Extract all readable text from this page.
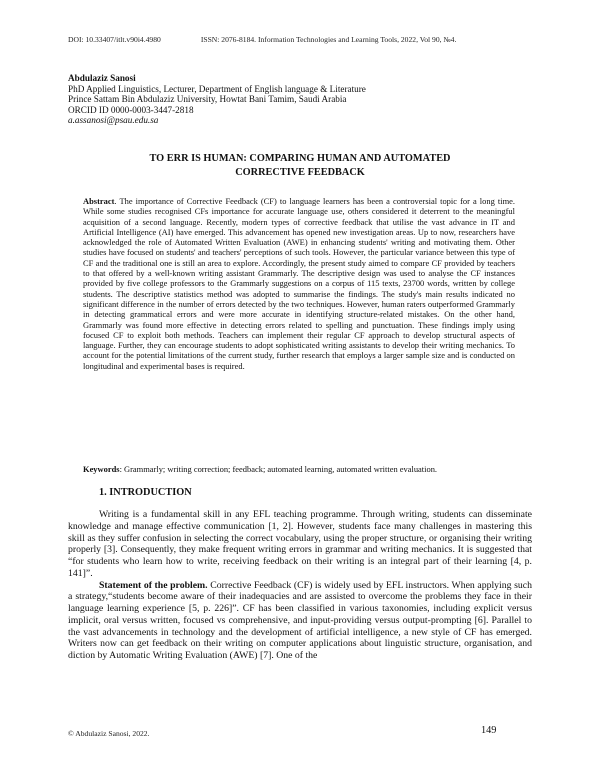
DOI: 10.33407/itlt.v90i4.4980	ISSN: 2076-8184. Information Technologies and Learning Tools, 2022, Vol 90, №4.
Abdulaziz Sanosi
PhD Applied Linguistics, Lecturer, Department of English language & Literature
Prince Sattam Bin Abdulaziz University, Howtat Bani Tamim, Saudi Arabia
ORCID ID 0000-0003-3447-2818
a.assanosi@psau.edu.sa
TO ERR IS HUMAN: COMPARING HUMAN AND AUTOMATED
CORRECTIVE FEEDBACK

Abstract. The importance of Corrective Feedback (CF) to language learners has been a controversial topic for a long time. While some studies recognised CFs importance for accurate language use, others considered it deterrent to the meaningful acquisition of a second language. Recently, modern types of corrective feedback that utilise the vast advance in IT and Artificial Intelligence (AI) have emerged. This advancement has opened new investigation areas. Up to now, researchers have acknowledged the role of Automated Written Evaluation (AWE) in enhancing students' writing and motivating them. Other studies have focused on students' and teachers' perceptions of such tools. However, the particular variance between this type of CF and the traditional one is still an area to explore. Accordingly, the present study aimed to compare CF provided by teachers to that offered by a well-known writing assistant Grammarly. The descriptive design was used to analyse the CF instances provided by five college professors to the Grammarly suggestions on a corpus of 115 texts, 23700 words, written by college students. The descriptive statistics method was adopted to summarise the findings. The study's main results indicated no significant difference in the number of errors detected by the two techniques. However, human raters outperformed Grammarly in detecting grammatical errors and were more accurate in identifying structure-related mistakes. On the other hand, Grammarly was found more effective in detecting errors related to spelling and punctuation. These findings imply using focused CF to exploit both methods. Teachers can implement their regular CF approach to develop structural aspects of language. Further, they can encourage students to adopt sophisticated writing assistants to develop their writing mechanics. To account for the potential limitations of the current study, further research that employs a larger sample size and is conducted on longitudinal and experimental bases is required.

Keywords: Grammarly; writing correction; feedback; automated learning, automated written evaluation.

1. INTRODUCTION

Writing is a fundamental skill in any EFL teaching programme. Through writing, students can disseminate knowledge and manage effective communication [1, 2]. However, students face many challenges in mastering this skill as they suffer confusion in selecting the correct vocabulary, using the proper structure, or organising their writing properly [3]. Consequently, they make frequent writing errors in grammar and writing mechanics. It is suggested that “for students who learn how to write, receiving feedback on their writing is an integral part of their learning [4, p. 141]”.

Statement of the problem. Corrective Feedback (CF) is widely used by EFL instructors. When applying such a strategy,“students become aware of their inadequacies and are assisted to overcome the problems they face in their language learning experience [5, p. 226]”. CF has been classified in various taxonomies, including explicit versus implicit, oral versus written, focused vs comprehensive, and input-providing versus output-prompting [6]. Parallel to the vast advancements in technology and the development of artificial intelligence, a new style of CF has emerged. Writers now can get feedback on their writing on computer applications about linguistic structure, organisation, and diction by Automatic Writing Evaluation (AWE) [7]. One of the

© Abdulaziz Sanosi, 2022.	149
